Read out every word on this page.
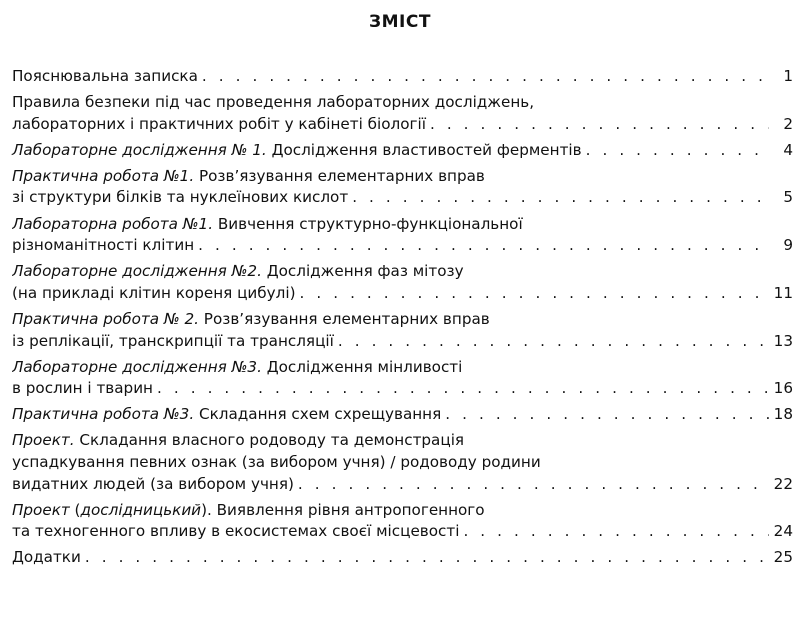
ЗМІСТ
Пояснювальна записка . . .	1
Правила безпеки під час проведення лабораторних досліджень,
лабораторних і практичних робіт у кабінеті біології . . .	2
Лабораторне дослідження № 1. Дослідження властивостей ферментів . . .	4
Практична робота №1. Розв’язування елементарних вправ
зі структури білків та нуклеїнових кислот . . .	5
Лабораторна робота №1. Вивчення структурно-функціональної
різноманітності клітин . . .	9
Лабораторне дослідження №2. Дослідження фаз мітозу
(на прикладі клітин кореня цибулі) . . .	11
Практична робота № 2. Розв’язування елементарних вправ
із реплікації, транскрипції та трансляції . . .	13
Лабораторне дослідження №3. Дослідження мінливості
в рослин і тварин . . .	16
Практична робота №3. Складання схем схрещування . . .	18
Проект. Складання власного родоводу та демонстрація
успадкування певних ознак (за вибором учня) / родоводу родини
видатних людей (за вибором учня) . . .	22
Проект (дослідницький). Виявлення рівня антропогенного
та техногенного впливу в екосистемах своєї місцевості . . .	24
Додатки . . .	25
